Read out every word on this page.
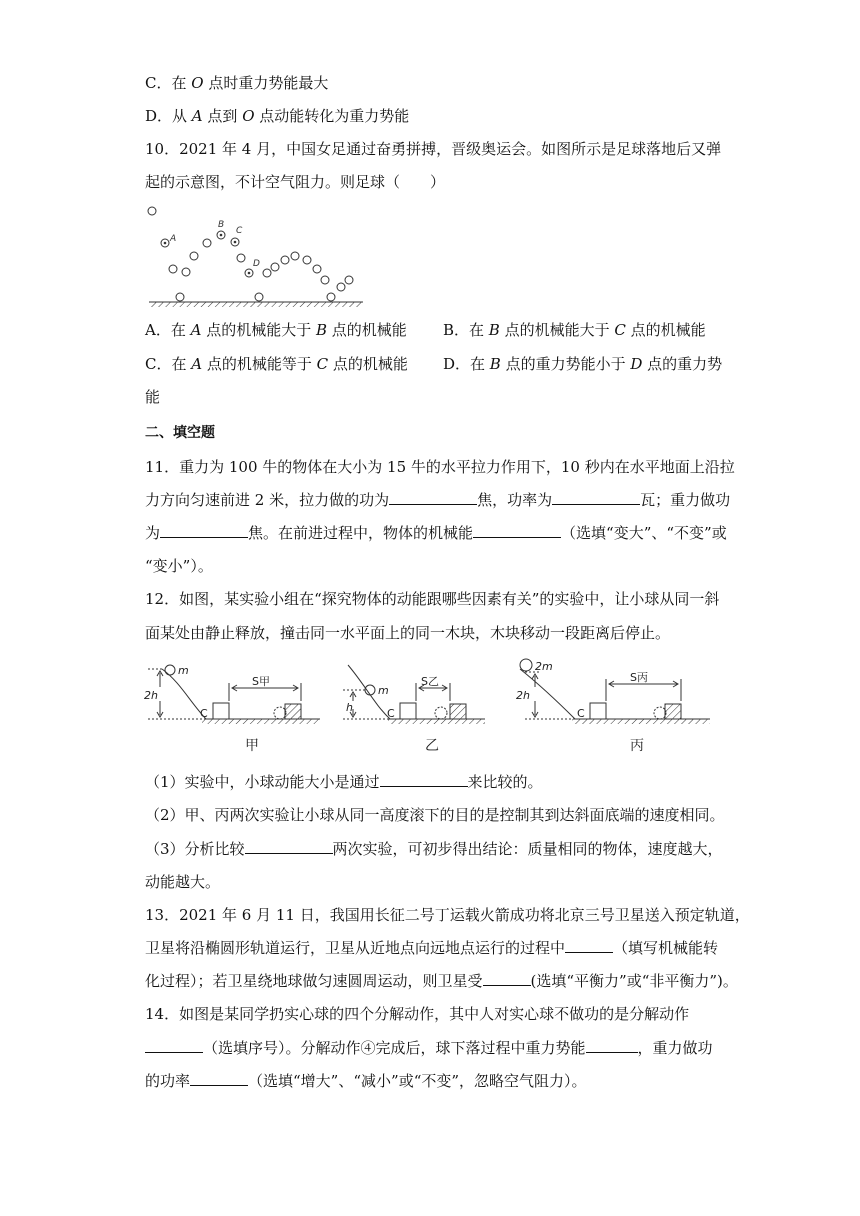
C．在 O 点时重力势能最大
D．从 A 点到 O 点动能转化为重力势能
10．2021 年 4 月，中国女足通过奋勇拼搏，晋级奥运会。如图所示是足球落地后又弹
起的示意图，不计空气阻力。则足球（　　）
A
B
C
D
A．在 A 点的机械能大于 B 点的机械能 B．在 B 点的机械能大于 C 点的机械能
C．在 A 点的机械能等于 C 点的机械能 D．在 B 点的重力势能小于 D 点的重力势
能
二、填空题
11．重力为 100 牛的物体在大小为 15 牛的水平拉力作用下，10 秒内在水平地面上沿拉
力方向匀速前进 2 米，拉力做的功为	焦，功率为	瓦；重力做功
为	焦。在前进过程中，物体的机械能	（选填“变大”、“不变”或
“变小”）。
12．如图，某实验小组在“探究物体的动能跟哪些因素有关”的实验中，让小球从同一斜
面某处由静止释放，撞击同一水平面上的同一木块，木块移动一段距离后停止。
m
2h
C
S甲
甲
m
h	C
S乙
乙
2m
2h
C
S丙
丙
（1）实验中，小球动能大小是通过	来比较的。
（2）甲、丙两次实验让小球从同一高度滚下的目的是控制其到达斜面底端的速度相同。
（3）分析比较	两次实验，可初步得出结论：质量相同的物体，速度越大，
动能越大。
13．2021 年 6 月 11 日，我国用长征二号丁运载火箭成功将北京三号卫星送入预定轨道，
卫星将沿椭圆形轨道运行，卫星从近地点向远地点运行的过程中	（填写机械能转
化过程）；若卫星绕地球做匀速圆周运动，则卫星受	(选填“平衡力”或“非平衡力”)。
14．如图是某同学扔实心球的四个分解动作，其中人对实心球不做功的是分解动作
（选填序号）。分解动作④完成后，球下落过程中重力势能	，重力做功
的功率	（选填“增大”、“减小”或“不变”，忽略空气阻力）。
